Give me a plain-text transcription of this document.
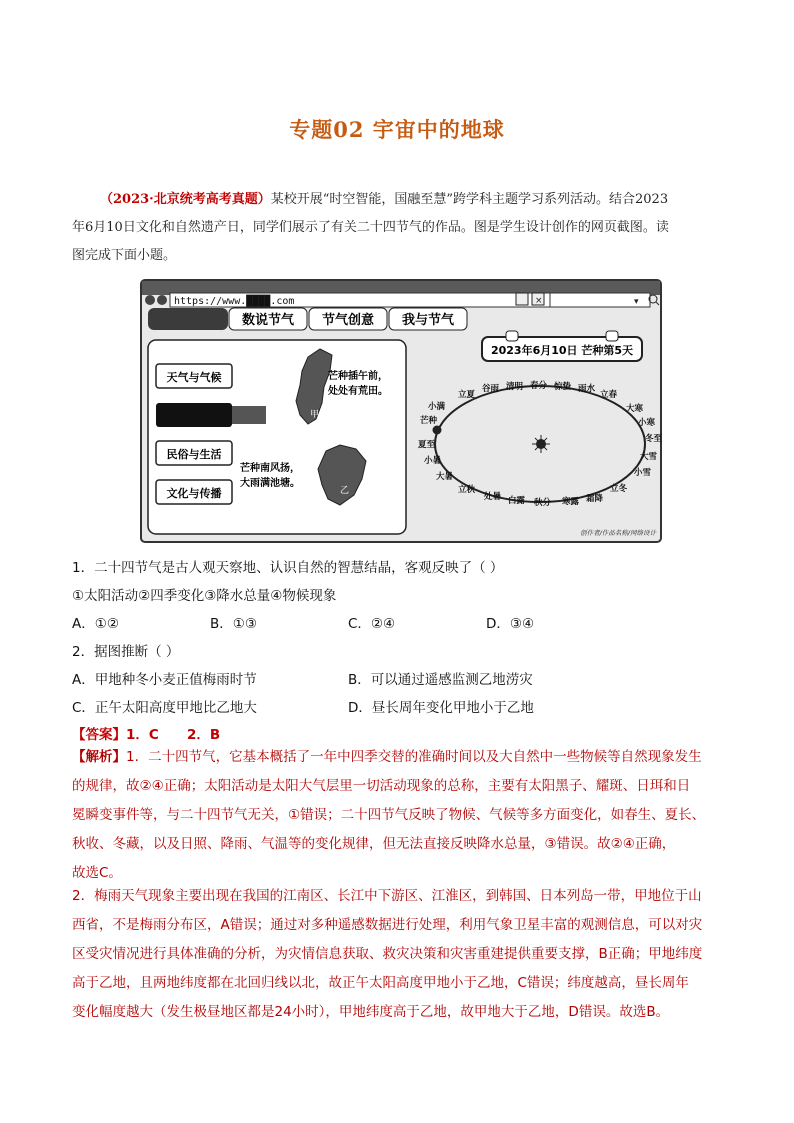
专题02 宇宙中的地球
（2023·北京统考高考真题）某校开展“时空智能，国融至慧”跨学科主题学习系列活动。结合2023
年6月10日文化和自然遗产日，同学们展示了有关二十四节气的作品。图是学生设计创作的网页截图。读
图完成下面小题。
https://www.████.com	×	▾
数说节气 节气创意 我与节气
天气与气候
民俗与生活
文化与传播
甲
乙
芒种插午前，
处处有荒田。
芒种南风扬，
大雨满池塘。
2023年6月10日 芒种第5天
芒种
小满
立夏
谷雨 清明 春分 惊蛰 雨水
立春
大寒
小寒
冬至
大雪
小雪
立冬
霜降
寒露
秋分
白露
处暑
立秋
大暑
小暑
夏至
创作者/作品名称/网络设计
1．二十四节气是古人观天察地、认识自然的智慧结晶，客观反映了（ ）
①太阳活动②四季变化③降水总量④物候现象
A．①②	B．①③	C．②④	D．③④
2．据图推断（ ）
A．甲地种冬小麦正值梅雨时节	B．可以通过遥感监测乙地涝灾
C．正午太阳高度甲地比乙地大	D．昼长周年变化甲地小于乙地
【答案】1．C      2．B
【解析】1．二十四节气，它基本概括了一年中四季交替的准确时间以及大自然中一些物候等自然现象发生
的规律，故②④正确；太阳活动是太阳大气层里一切活动现象的总称，主要有太阳黑子、耀斑、日珥和日
冕瞬变事件等，与二十四节气无关，①错误；二十四节气反映了物候、气候等多方面变化，如春生、夏长、
秋收、冬藏，以及日照、降雨、气温等的变化规律，但无法直接反映降水总量，③错误。故②④正确，
故选C。
2．梅雨天气现象主要出现在我国的江南区、长江中下游区、江淮区，到韩国、日本列岛一带，甲地位于山
西省，不是梅雨分布区，A错误；通过对多种遥感数据进行处理，利用气象卫星丰富的观测信息，可以对灾
区受灾情况进行具体准确的分析，为灾情信息获取、救灾决策和灾害重建提供重要支撑，B正确；甲地纬度
高于乙地，且两地纬度都在北回归线以北，故正午太阳高度甲地小于乙地，C错误；纬度越高，昼长周年
变化幅度越大（发生极昼地区都是24小时），甲地纬度高于乙地，故甲地大于乙地，D错误。故选B。
